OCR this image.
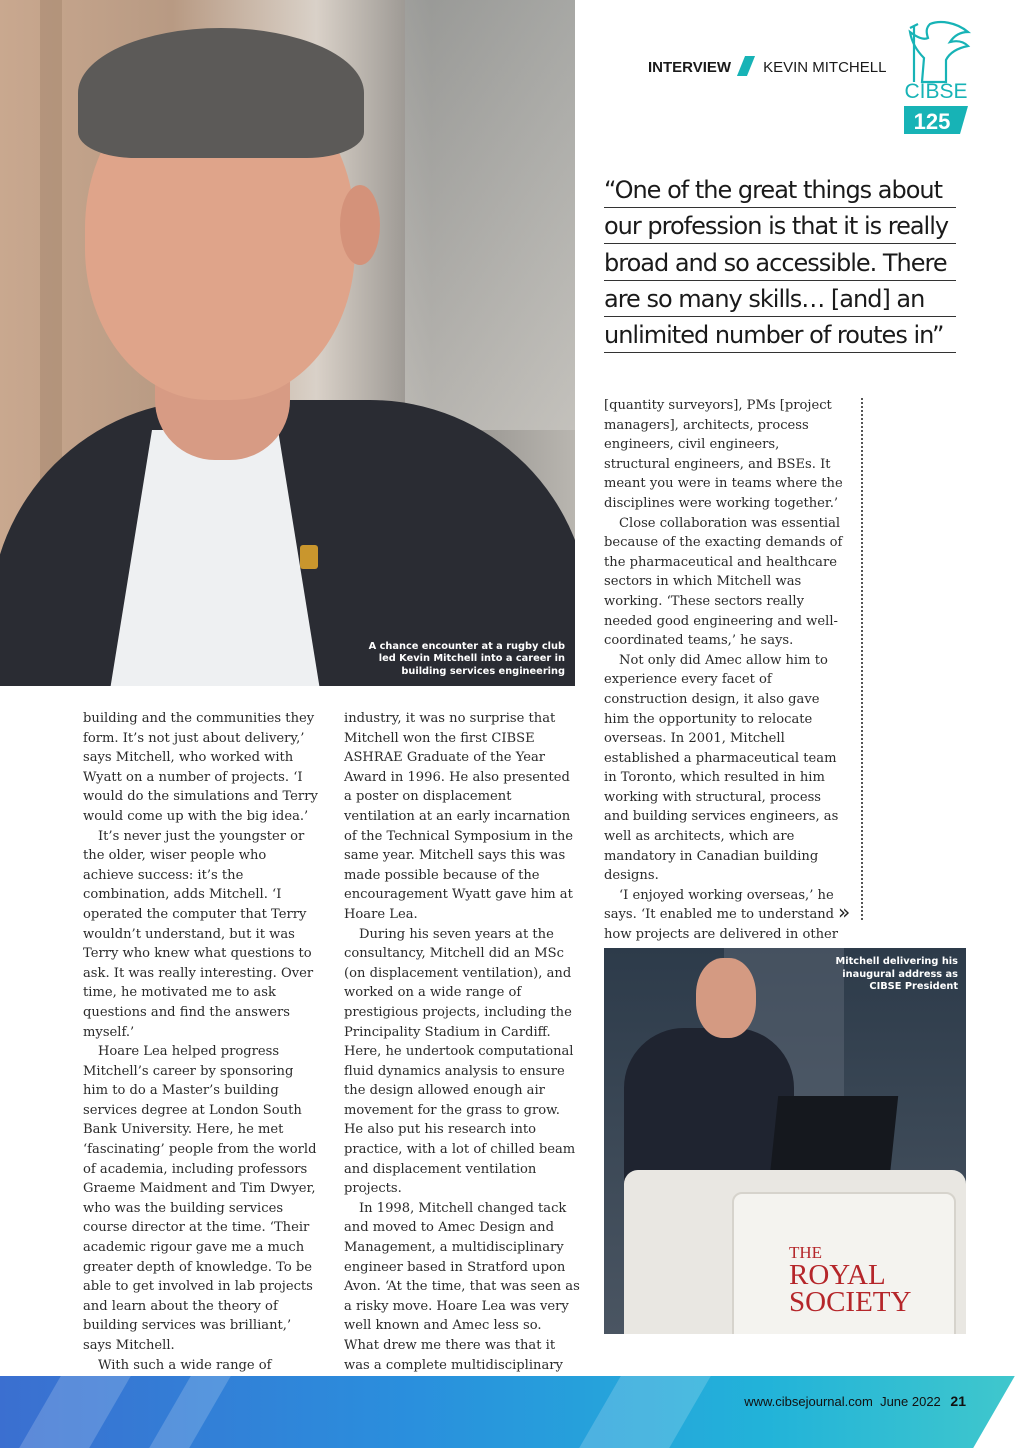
A chance encounter at a rugby club led Kevin Mitchell into a career in building services engineering
INTERVIEW KEVIN MITCHELL
CIBSE
125
“One of the great things about
our profession is that it is really
broad and so accessible. There
are so many skills… [and] an
unlimited number of routes in”

building and the communities they form. It’s not just about delivery,’ says Mitchell, who worked with Wyatt on a number of projects. ‘I would do the simulations and Terry would come up with the big idea.’

It’s never just the youngster or the older, wiser people who achieve success: it’s the combination, adds Mitchell. ‘I operated the computer that Terry wouldn’t understand, but it was Terry who knew what questions to ask. It was really interesting. Over time, he motivated me to ask questions and find the answers myself.’

Hoare Lea helped progress Mitchell’s career by sponsoring him to do a Master’s building services degree at London South Bank University. Here, he met ‘fascinating’ people from the world of academia, including professors Graeme Maidment and Tim Dwyer, who was the building services course director at the time. ‘Their academic rigour gave me a much greater depth of knowledge. To be able to get involved in lab projects and learn about the theory of building services was brilliant,’ says Mitchell.

With such a wide range of

industry, it was no surprise that Mitchell won the first CIBSE ASHRAE Graduate of the Year Award in 1996. He also presented a poster on displacement ventilation at an early incarnation of the Technical Symposium in the same year. Mitchell says this was made possible because of the encouragement Wyatt gave him at Hoare Lea.

During his seven years at the consultancy, Mitchell did an MSc (on displacement ventilation), and worked on a wide range of prestigious projects, including the Principality Stadium in Cardiff. Here, he undertook computational fluid dynamics analysis to ensure the design allowed enough air movement for the grass to grow. He also put his research into practice, with a lot of chilled beam and displacement ventilation projects.

In 1998, Mitchell changed tack and moved to Amec Design and Management, a multidisciplinary engineer based in Stratford upon Avon. ‘At the time, that was seen as a risky move. Hoare Lea was very well known and Amec less so. What drew me there was that it was a complete multidisciplinary

[quantity surveyors], PMs [project managers], architects, process engineers, civil engineers, structural engineers, and BSEs. It meant you were in teams where the disciplines were working together.’

Close collaboration was essential because of the exacting demands of the pharmaceutical and healthcare sectors in which Mitchell was working. ‘These sectors really needed good engineering and well-coordinated teams,’ he says.

Not only did Amec allow him to experience every facet of construction design, it also gave him the opportunity to relocate overseas. In 2001, Mitchell established a pharmaceutical team in Toronto, which resulted in him working with structural, process and building services engineers, as well as architects, which are mandatory in Canadian building designs.

‘I enjoyed working overseas,’ he says. ‘It enabled me to understand how projects are delivered in other

»
THE
ROYAL
SOCIETY
Mitchell delivering his inaugural address as CIBSE President
www.cibsejournal.com June 2022 21
